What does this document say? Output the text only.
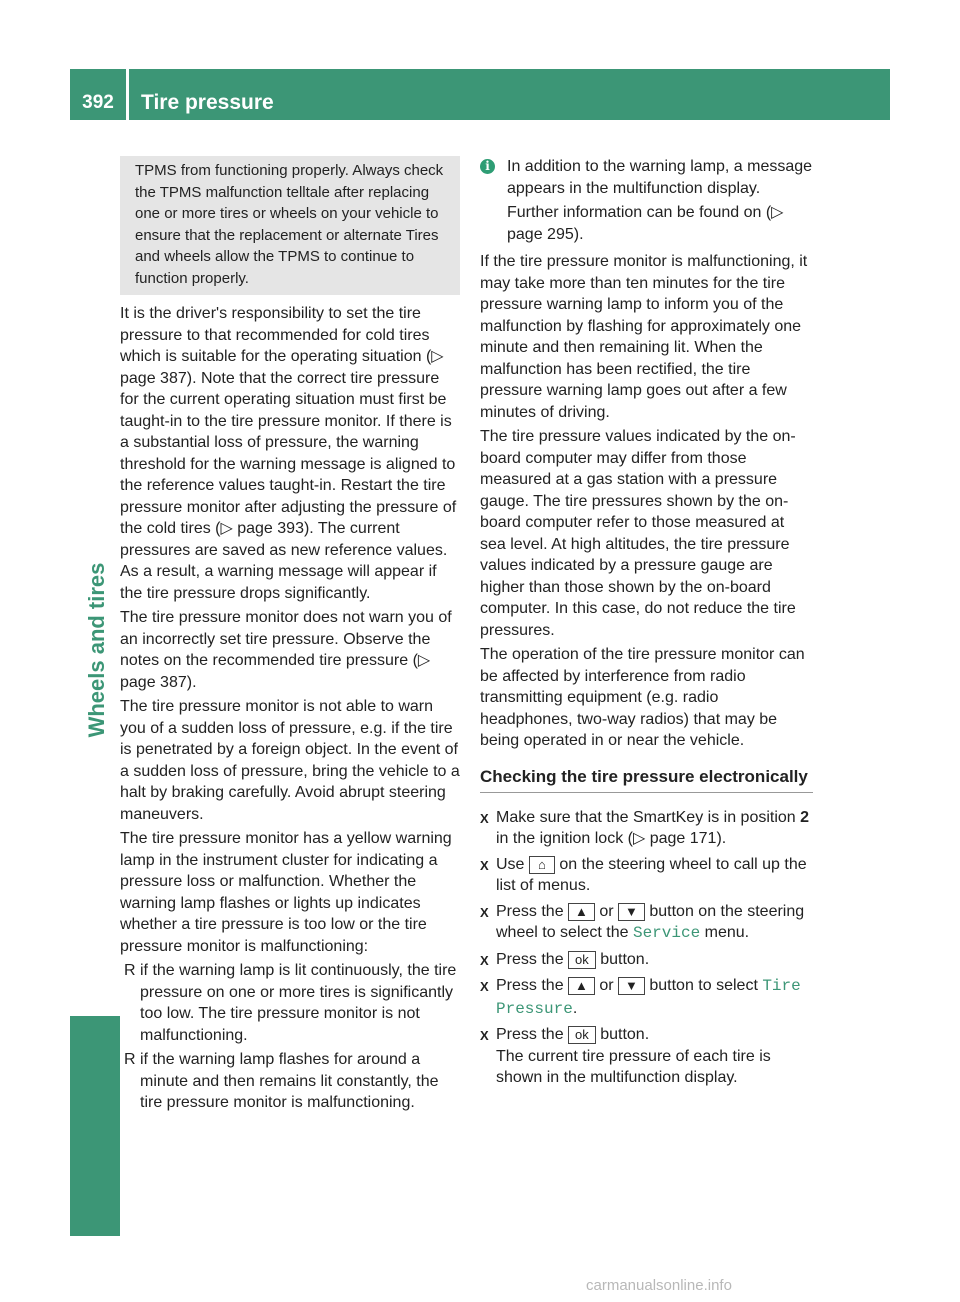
392	Tire pressure
Wheels and tires
TPMS from functioning properly. Always check the TPMS malfunction telltale after replacing one or more tires or wheels on your vehicle to ensure that the replacement or alternate Tires and wheels allow the TPMS to continue to function properly.

It is the driver's responsibility to set the tire pressure to that recommended for cold tires which is suitable for the operating situation (▷ page 387). Note that the correct tire pressure for the current operating situation must first be taught-in to the tire pressure monitor. If there is a substantial loss of pressure, the warning threshold for the warning message is aligned to the reference values taught-in. Restart the tire pressure monitor after adjusting the pressure of the cold tires (▷ page 393). The current pressures are saved as new reference values. As a result, a warning message will appear if the tire pressure drops significantly.

The tire pressure monitor does not warn you of an incorrectly set tire pressure. Observe the notes on the recommended tire pressure (▷ page 387).

The tire pressure monitor is not able to warn you of a sudden loss of pressure, e.g. if the tire is penetrated by a foreign object. In the event of a sudden loss of pressure, bring the vehicle to a halt by braking carefully. Avoid abrupt steering maneuvers.

The tire pressure monitor has a yellow warning lamp in the instrument cluster for indicating a pressure loss or malfunction. Whether the warning lamp flashes or lights up indicates whether a tire pressure is too low or the tire pressure monitor is malfunctioning:

R if the warning lamp is lit continuously, the tire pressure on one or more tires is significantly too low. The tire pressure monitor is not malfunctioning.
R if the warning lamp flashes for around a minute and then remains lit constantly, the tire pressure monitor is malfunctioning.
i	In addition to the warning lamp, a message appears in the multifunction display.

Further information can be found on (▷ page 295).

If the tire pressure monitor is malfunctioning, it may take more than ten minutes for the tire pressure warning lamp to inform you of the malfunction by flashing for approximately one minute and then remaining lit. When the malfunction has been rectified, the tire pressure warning lamp goes out after a few minutes of driving.

The tire pressure values indicated by the on-board computer may differ from those measured at a gas station with a pressure gauge. The tire pressures shown by the on-board computer refer to those measured at sea level. At high altitudes, the tire pressure values indicated by a pressure gauge are higher than those shown by the on-board computer. In this case, do not reduce the tire pressures.

The operation of the tire pressure monitor can be affected by interference from radio transmitting equipment (e.g. radio headphones, two-way radios) that may be being operated in or near the vehicle.

Checking the tire pressure electronically
X Make sure that the SmartKey is in position 2 in the ignition lock (▷ page 171).
X Use ⌂ on the steering wheel to call up the list of menus.
X Press the ▲ or ▼ button on the steering wheel to select the Service menu.
X Press the ok button.
X Press the ▲ or ▼ button to select Tire Pressure.
X Press the ok button.
The current tire pressure of each tire is shown in the multifunction display.
carmanualsonline.info
